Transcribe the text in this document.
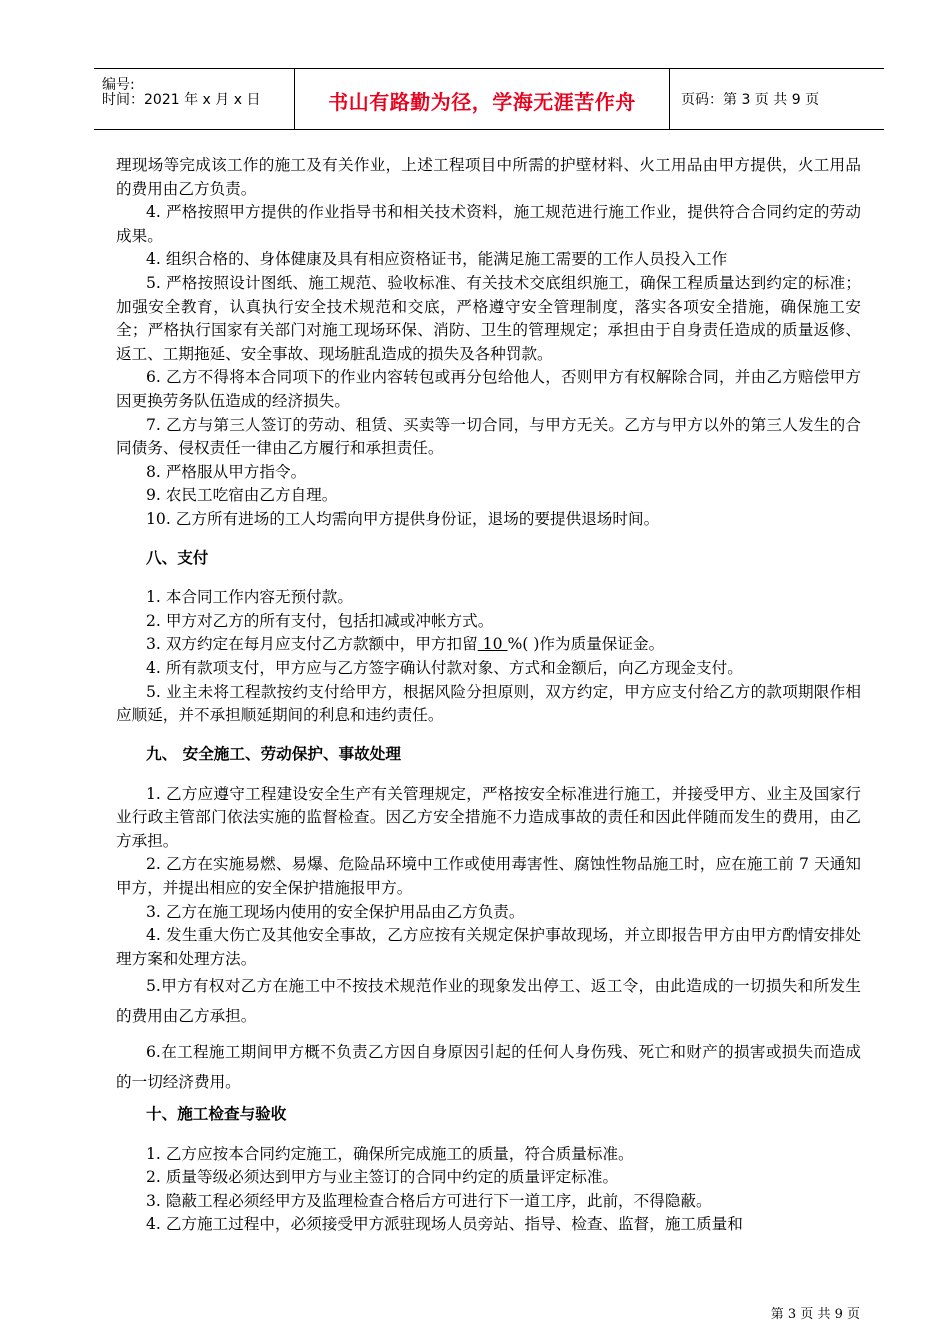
编号:
时间：2021 年 x 月 x 日	书山有路勤为径，学海无涯苦作舟	页码：第 3 页 共 9 页

理现场等完成该工作的施工及有关作业，上述工程项目中所需的护壁材料、火工用品由甲方提供，火工用品的费用由乙方负责。

4. 严格按照甲方提供的作业指导书和相关技术资料，施工规范进行施工作业，提供符合合同约定的劳动成果。

4. 组织合格的、身体健康及具有相应资格证书，能满足施工需要的工作人员投入工作

5. 严格按照设计图纸、施工规范、验收标准、有关技术交底组织施工，确保工程质量达到约定的标准；加强安全教育，认真执行安全技术规范和交底，严格遵守安全管理制度，落实各项安全措施，确保施工安全；严格执行国家有关部门对施工现场环保、消防、卫生的管理规定；承担由于自身责任造成的质量返修、返工、工期拖延、安全事故、现场脏乱造成的损失及各种罚款。

6. 乙方不得将本合同项下的作业内容转包或再分包给他人，否则甲方有权解除合同，并由乙方赔偿甲方因更换劳务队伍造成的经济损失。

7. 乙方与第三人签订的劳动、租赁、买卖等一切合同，与甲方无关。乙方与甲方以外的第三人发生的合同债务、侵权责任一律由乙方履行和承担责任。

8. 严格服从甲方指令。

9. 农民工吃宿由乙方自理。

10. 乙方所有进场的工人均需向甲方提供身份证，退场的要提供退场时间。

八、支付

1. 本合同工作内容无预付款。

2. 甲方对乙方的所有支付，包括扣减或冲帐方式。

3. 双方约定在每月应支付乙方款额中，甲方扣留 10 %( )作为质量保证金。

4. 所有款项支付，甲方应与乙方签字确认付款对象、方式和金额后，向乙方现金支付。

5. 业主未将工程款按约支付给甲方，根据风险分担原则，双方约定，甲方应支付给乙方的款项期限作相应顺延，并不承担顺延期间的利息和违约责任。

九、 安全施工、劳动保护、事故处理

1. 乙方应遵守工程建设安全生产有关管理规定，严格按安全标准进行施工，并接受甲方、业主及国家行业行政主管部门依法实施的监督检查。因乙方安全措施不力造成事故的责任和因此伴随而发生的费用，由乙方承担。

2. 乙方在实施易燃、易爆、危险品环境中工作或使用毒害性、腐蚀性物品施工时，应在施工前 7 天通知甲方，并提出相应的安全保护措施报甲方。

3. 乙方在施工现场内使用的安全保护用品由乙方负责。

4. 发生重大伤亡及其他安全事故，乙方应按有关规定保护事故现场，并立即报告甲方由甲方酌情安排处理方案和处理方法。

5.甲方有权对乙方在施工中不按技术规范作业的现象发出停工、返工令，由此造成的一切损失和所发生的费用由乙方承担。

6.在工程施工期间甲方概不负责乙方因自身原因引起的任何人身伤残、死亡和财产的损害或损失而造成的一切经济费用。

十、施工检查与验收

1. 乙方应按本合同约定施工，确保所完成施工的质量，符合质量标准。

2. 质量等级必须达到甲方与业主签订的合同中约定的质量评定标准。

3. 隐蔽工程必须经甲方及监理检查合格后方可进行下一道工序，此前，不得隐蔽。

4. 乙方施工过程中，必须接受甲方派驻现场人员旁站、指导、检查、监督，施工质量和

第 3 页 共 9 页
